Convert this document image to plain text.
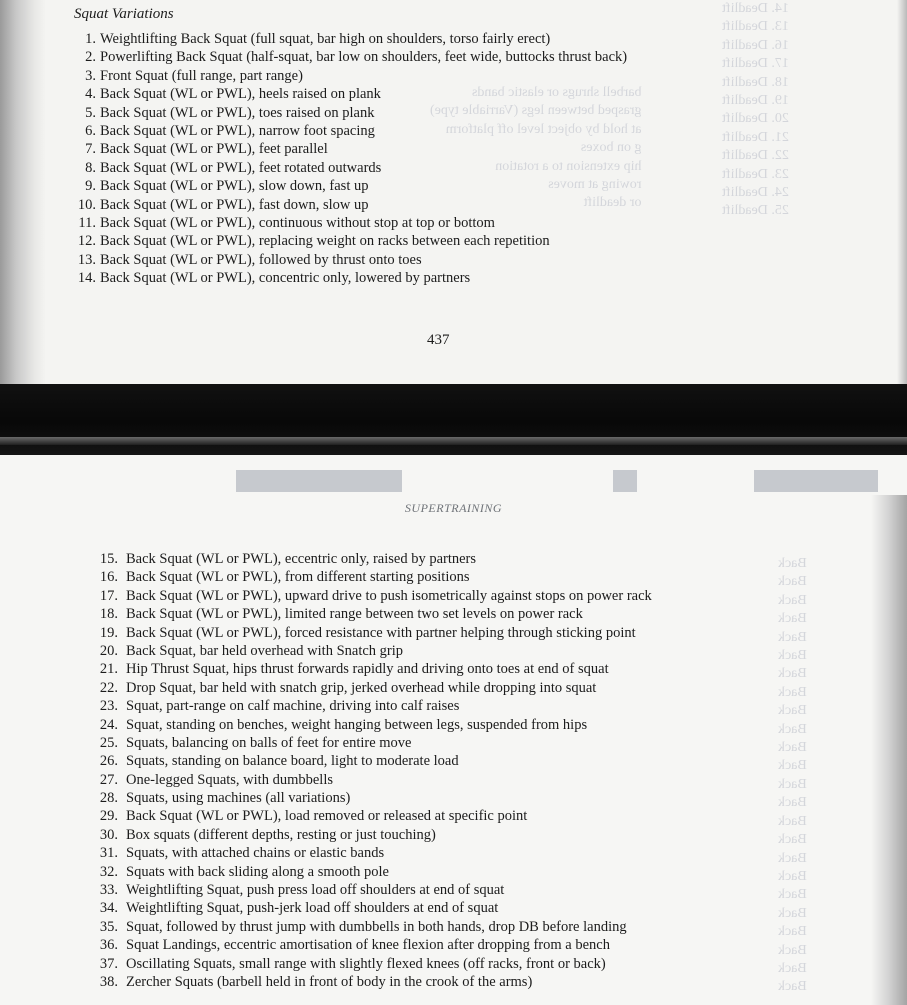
14. Deadlift
13. Deadlift
16. Deadlift
17. Deadlift
18. Deadlift
19. Deadlift
20. Deadlift
21. Deadlift
22. Deadlift
23. Deadlift
24. Deadlift
25. Deadlift
barbell shrugs or elastic bands
grasped between legs (Varriable type)
at hold by object level off platform
g on boxes
hip extension to a rotation
rowing at moves
or deadlift
Squat Variations
1. Weightlifting Back Squat (full squat, bar high on shoulders, torso fairly erect)
2. Powerlifting Back Squat (half-squat, bar low on shoulders, feet wide, buttocks thrust back)
3. Front Squat (full range, part range)
4. Back Squat (WL or PWL), heels raised on plank
5. Back Squat (WL or PWL), toes raised on plank
6. Back Squat (WL or PWL), narrow foot spacing
7. Back Squat (WL or PWL), feet parallel
8. Back Squat (WL or PWL), feet rotated outwards
9. Back Squat (WL or PWL), slow down, fast up
10. Back Squat (WL or PWL), fast down, slow up
11. Back Squat (WL or PWL), continuous without stop at top or bottom
12. Back Squat (WL or PWL), replacing weight on racks between each repetition
13. Back Squat (WL or PWL), followed by thrust onto toes
14. Back Squat (WL or PWL), concentric only, lowered by partners
437
Back
Back
Back
Back
Back
Back
Back
Back
Back
Back
Back
Back
Back
Back
Back
Back
Back
Back
Back
Back
Back
Back
Back
Back
SUPERTRAINING
15. Back Squat (WL or PWL), eccentric only, raised by partners
16. Back Squat (WL or PWL), from different starting positions
17. Back Squat (WL or PWL), upward drive to push isometrically against stops on power rack
18. Back Squat (WL or PWL), limited range between two set levels on power rack
19. Back Squat (WL or PWL), forced resistance with partner helping through sticking point
20. Back Squat, bar held overhead with Snatch grip
21. Hip Thrust Squat, hips thrust forwards rapidly and driving onto toes at end of squat
22. Drop Squat, bar held with snatch grip, jerked overhead while dropping into squat
23. Squat, part-range on calf machine, driving into calf raises
24. Squat, standing on benches, weight hanging between legs, suspended from hips
25. Squats, balancing on balls of feet for entire move
26. Squats, standing on balance board, light to moderate load
27. One-legged Squats, with dumbbells
28. Squats, using machines (all variations)
29. Back Squat (WL or PWL), load removed or released at specific point
30. Box squats (different depths, resting or just touching)
31. Squats, with attached chains or elastic bands
32. Squats with back sliding along a smooth pole
33. Weightlifting Squat, push press load off shoulders at end of squat
34. Weightlifting Squat, push-jerk load off shoulders at end of squat
35. Squat, followed by thrust jump with dumbbells in both hands, drop DB before landing
36. Squat Landings, eccentric amortisation of knee flexion after dropping from a bench
37. Oscillating Squats, small range with slightly flexed knees (off racks, front or back)
38. Zercher Squats (barbell held in front of body in the crook of the arms)
